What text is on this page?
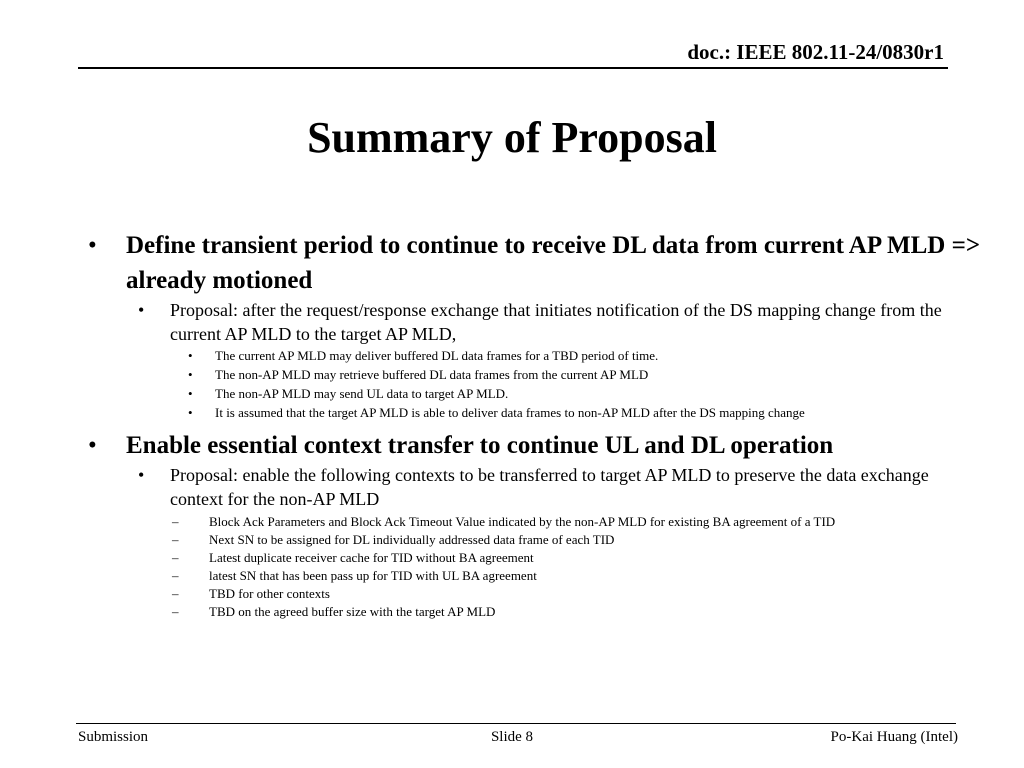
doc.: IEEE 802.11-24/0830r1
Summary of Proposal
• Define transient period to continue to receive DL data from current AP MLD => already motioned
• Proposal: after the request/response exchange that initiates notification of the DS mapping change from the current AP MLD to the target AP MLD,
• The current AP MLD may deliver buffered DL data frames for a TBD period of time.
• The non-AP MLD may retrieve buffered DL data frames from the current AP MLD
• The non-AP MLD may send UL data to target AP MLD.
• It is assumed that the target AP MLD is able to deliver data frames to non-AP MLD after the DS mapping change
• Enable essential context transfer to continue UL and DL operation
• Proposal: enable the following contexts to be transferred to target AP MLD to preserve the data exchange context for the non-AP MLD
– Block Ack Parameters and Block Ack Timeout Value indicated by the non-AP MLD for existing BA agreement of a TID
– Next SN to be assigned for DL individually addressed data frame of each TID
– Latest duplicate receiver cache for TID without BA agreement
– latest SN that has been pass up for TID with UL BA agreement
– TBD for other contexts
– TBD on the agreed buffer size with the target AP MLD
Submission	Slide 8	Po-Kai Huang (Intel)
